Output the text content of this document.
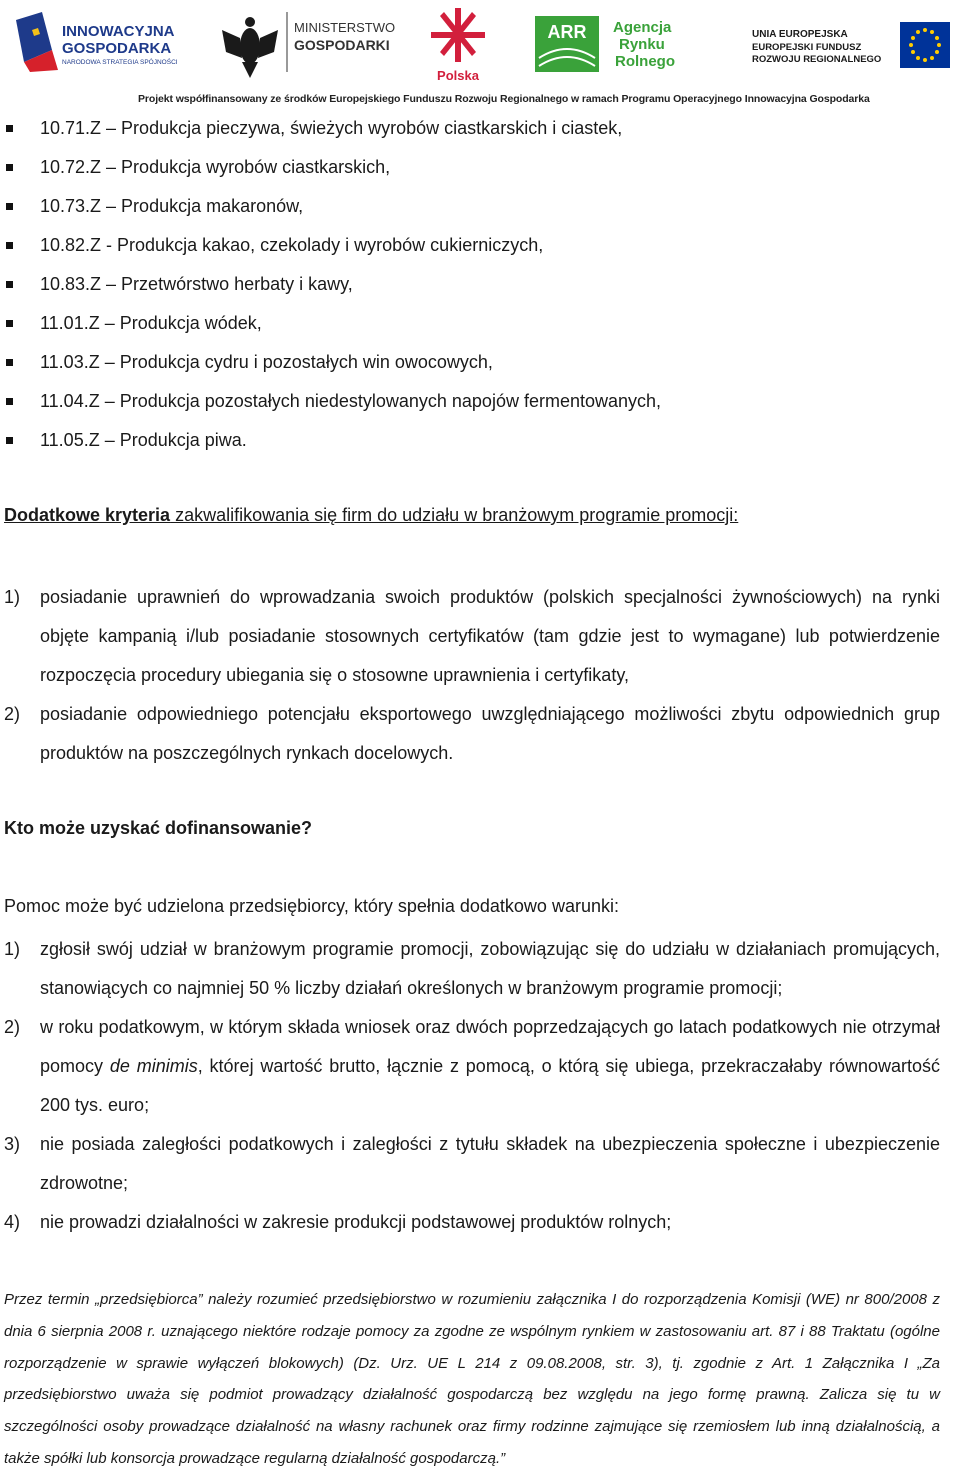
INNOWACYJNA
GOSPODARKA
NARODOWA STRATEGIA SPÓJNOŚCI
MINISTERSTWO
GOSPODARKI
Polska
ARR Agencja
Rynku
Rolnego
UNIA EUROPEJSKA
EUROPEJSKI FUNDUSZ
ROZWOJU REGIONALNEGO
Projekt współfinansowany ze środków Europejskiego Funduszu Rozwoju Regionalnego w ramach Programu Operacyjnego Innowacyjna Gospodarka
10.71.Z – Produkcja pieczywa, świeżych wyrobów ciastkarskich i ciastek,
10.72.Z – Produkcja wyrobów ciastkarskich,
10.73.Z – Produkcja makaronów,
10.82.Z - Produkcja kakao, czekolady i wyrobów cukierniczych,
10.83.Z – Przetwórstwo herbaty i kawy,
11.01.Z – Produkcja wódek,
11.03.Z – Produkcja cydru i pozostałych win owocowych,
11.04.Z – Produkcja pozostałych niedestylowanych napojów fermentowanych,
11.05.Z – Produkcja piwa.
Dodatkowe kryteria zakwalifikowania się firm do udziału w branżowym programie promocji:
1) posiadanie uprawnień do wprowadzania swoich produktów (polskich specjalności żywnościowych) na rynki objęte kampanią i/lub posiadanie stosownych certyfikatów (tam gdzie jest to wymagane) lub potwierdzenie rozpoczęcia procedury ubiegania się o stosowne uprawnienia i certyfikaty,
2) posiadanie odpowiedniego potencjału eksportowego uwzględniającego możliwości zbytu odpowiednich grup produktów na poszczególnych rynkach docelowych.
Kto może uzyskać dofinansowanie?
Pomoc może być udzielona przedsiębiorcy, który spełnia dodatkowo warunki:
1) zgłosił swój udział w branżowym programie promocji, zobowiązując się do udziału w działaniach promujących, stanowiących co najmniej 50 % liczby działań określonych w branżowym programie promocji;
2) w roku podatkowym, w którym składa wniosek oraz dwóch poprzedzających go latach podatkowych nie otrzymał pomocy de minimis, której wartość brutto, łącznie z pomocą, o którą się ubiega, przekraczałaby równowartość 200 tys. euro;
3) nie posiada zaległości podatkowych i zaległości z tytułu składek na ubezpieczenia społeczne i ubezpieczenie zdrowotne;
4) nie prowadzi działalności w zakresie produkcji podstawowej produktów rolnych;
Przez termin „przedsiębiorca” należy rozumieć przedsiębiorstwo w rozumieniu załącznika I do rozporządzenia Komisji (WE) nr 800/2008 z dnia 6 sierpnia 2008 r. uznającego niektóre rodzaje pomocy za zgodne ze wspólnym rynkiem w zastosowaniu art. 87 i 88 Traktatu (ogólne rozporządzenie w sprawie wyłączeń blokowych) (Dz. Urz. UE L 214 z 09.08.2008, str. 3), tj. zgodnie z Art. 1 Załącznika I „Za przedsiębiorstwo uważa się podmiot prowadzący działalność gospodarczą bez względu na jego formę prawną. Zalicza się tu w szczególności osoby prowadzące działalność na własny rachunek oraz firmy rodzinne zajmujące się rzemiosłem lub inną działalnością, a także spółki lub konsorcja prowadzące regularną działalność gospodarczą.”
